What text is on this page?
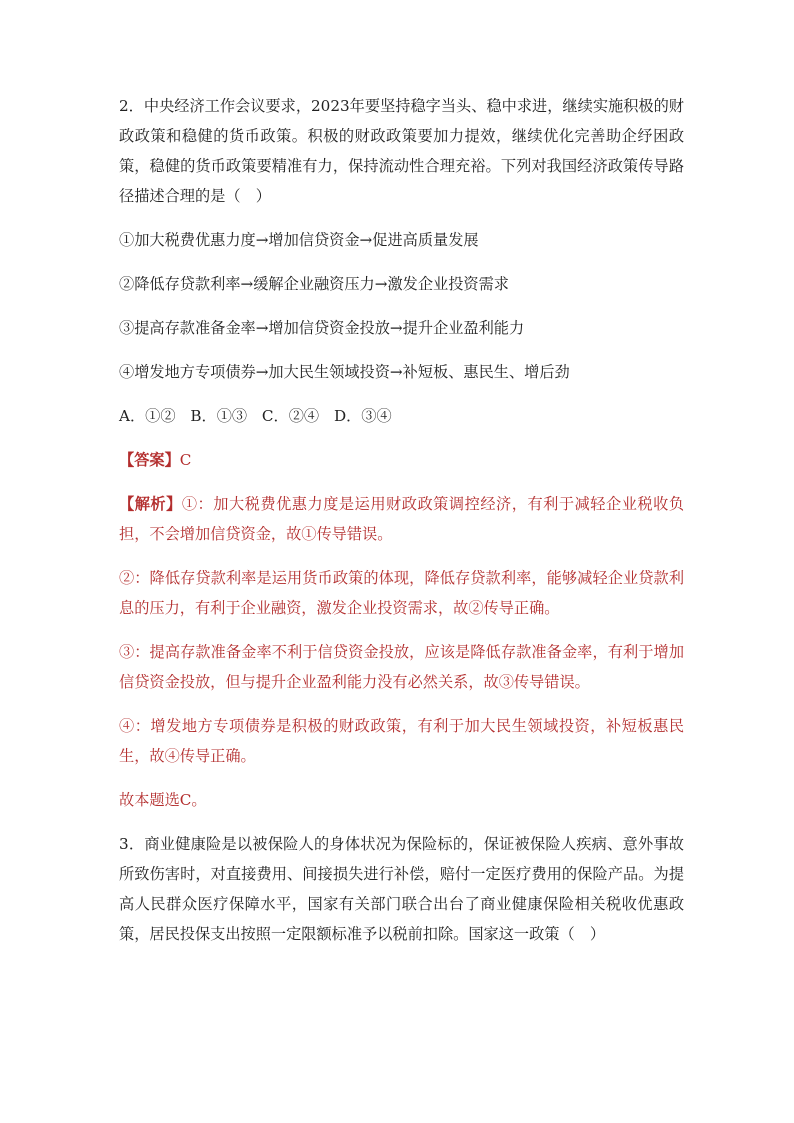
2．中央经济工作会议要求，2023年要坚持稳字当头、稳中求进，继续实施积极的财政政策和稳健的货币政策。积极的财政政策要加力提效，继续优化完善助企纾困政策，稳健的货币政策要精准有力，保持流动性合理充裕。下列对我国经济政策传导路径描述合理的是（　）

①加大税费优惠力度→增加信贷资金→促进高质量发展

②降低存贷款利率→缓解企业融资压力→激发企业投资需求

③提高存款准备金率→增加信贷资金投放→提升企业盈利能力

④增发地方专项债券→加大民生领域投资→补短板、惠民生、增后劲

A．①② B．①③ C．②④ D．③④

【答案】C

【解析】①：加大税费优惠力度是运用财政政策调控经济，有利于减轻企业税收负担，不会增加信贷资金，故①传导错误。

②：降低存贷款利率是运用货币政策的体现，降低存贷款利率，能够减轻企业贷款利息的压力，有利于企业融资，激发企业投资需求，故②传导正确。

③：提高存款准备金率不利于信贷资金投放，应该是降低存款准备金率，有利于增加信贷资金投放，但与提升企业盈利能力没有必然关系，故③传导错误。

④：增发地方专项债券是积极的财政政策，有利于加大民生领域投资，补短板惠民生，故④传导正确。

故本题选C。

3．商业健康险是以被保险人的身体状况为保险标的，保证被保险人疾病、意外事故所致伤害时，对直接费用、间接损失进行补偿，赔付一定医疗费用的保险产品。为提高人民群众医疗保障水平，国家有关部门联合出台了商业健康保险相关税收优惠政策，居民投保支出按照一定限额标准予以税前扣除。国家这一政策（　）
